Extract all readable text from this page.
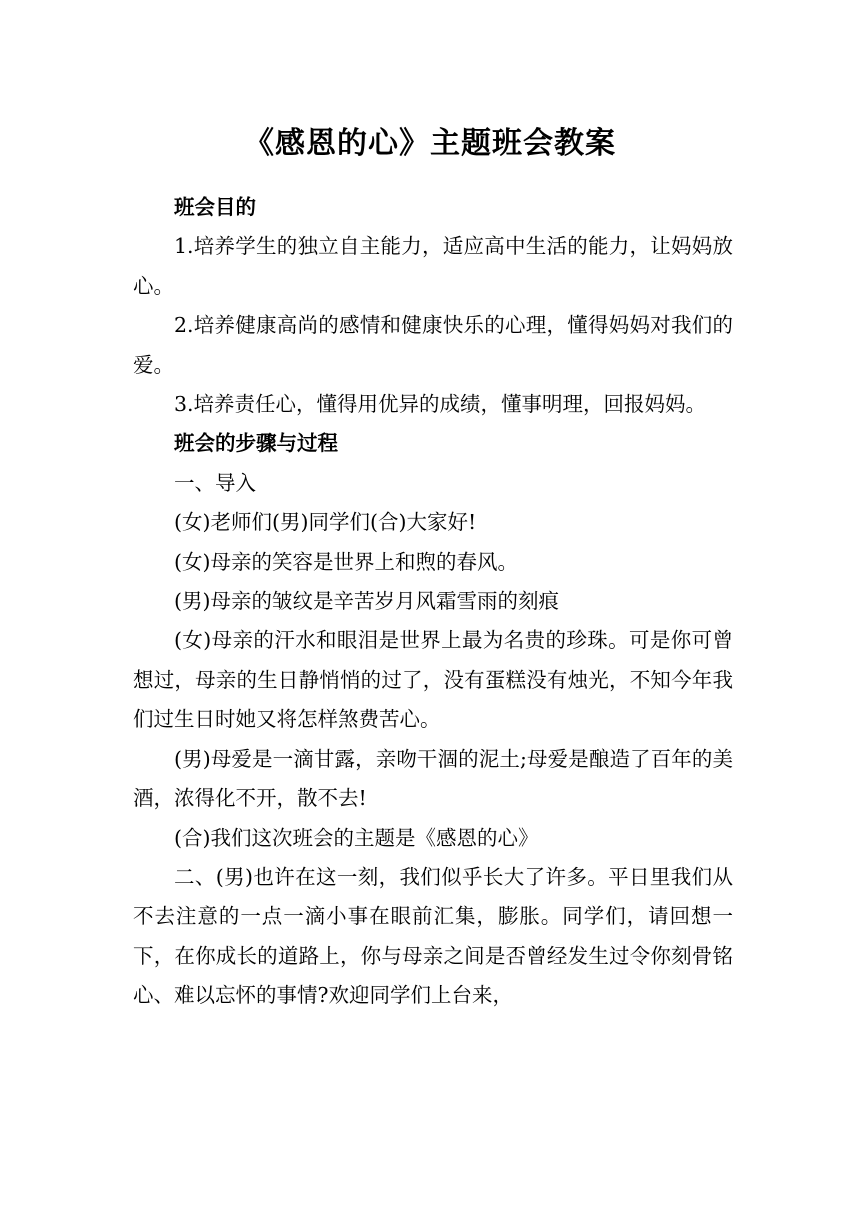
《感恩的心》主题班会教案

班会目的

1.培养学生的独立自主能力，适应高中生活的能力，让妈妈放心。

2.培养健康高尚的感情和健康快乐的心理，懂得妈妈对我们的爱。

3.培养责任心，懂得用优异的成绩，懂事明理，回报妈妈。

班会的步骤与过程

一、导入

(女)老师们(男)同学们(合)大家好!

(女)母亲的笑容是世界上和煦的春风。

(男)母亲的皱纹是辛苦岁月风霜雪雨的刻痕

(女)母亲的汗水和眼泪是世界上最为名贵的珍珠。可是你可曾想过，母亲的生日静悄悄的过了，没有蛋糕没有烛光，不知今年我们过生日时她又将怎样煞费苦心。

(男)母爱是一滴甘露，亲吻干涸的泥土;母爱是酿造了百年的美酒，浓得化不开，散不去!

(合)我们这次班会的主题是《感恩的心》

二、(男)也许在这一刻，我们似乎长大了许多。平日里我们从不去注意的一点一滴小事在眼前汇集，膨胀。同学们，请回想一下，在你成长的道路上，你与母亲之间是否曾经发生过令你刻骨铭心、难以忘怀的事情?欢迎同学们上台来，
